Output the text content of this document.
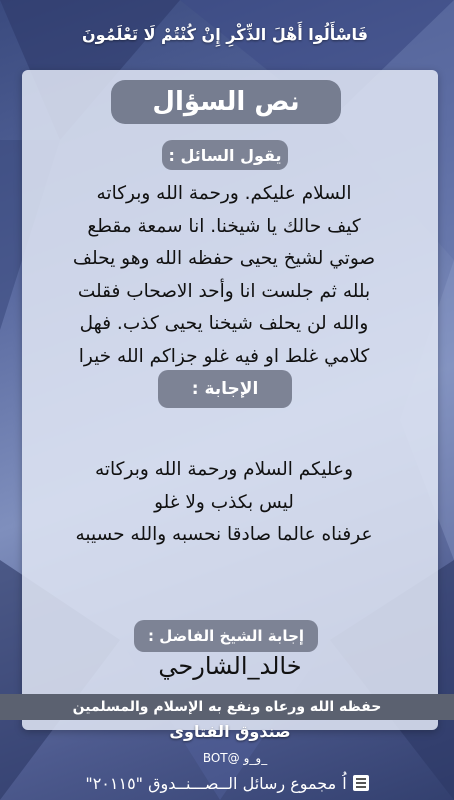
فَاسْأَلُوا أَهْلَ الذِّكْرِ إِنْ كُنْتُمْ لَا تَعْلَمُونَ
نص السؤال
يقول السائل :
السلام عليكم. ورحمة الله وبركاته
كيف حالك يا شيخنا. انا سمعة مقطع
صوتي لشيخ يحيى حفظه الله وهو يحلف
بلله ثم جلست انا وأحد الاصحاب فقلت
والله لن يحلف شيخنا يحيى كذب. فهل
كلامي غلط او فيه غلو جزاكم الله خيرا
الإجابة :
وعليكم السلام ورحمة الله وبركاته
ليس بكذب ولا غلو
عرفناه عالما صادقا نحسبه والله حسيبه
إجابة الشيخ الفاضل :
خالد_الشارحي
حفظه الله ورعاه ونفع به الإسلام والمسلمين
صندوق الفتاوى
_و_و
@BOT
مجموع رسائل الــصـــنــدوق "٢٠١١٥" اُ
